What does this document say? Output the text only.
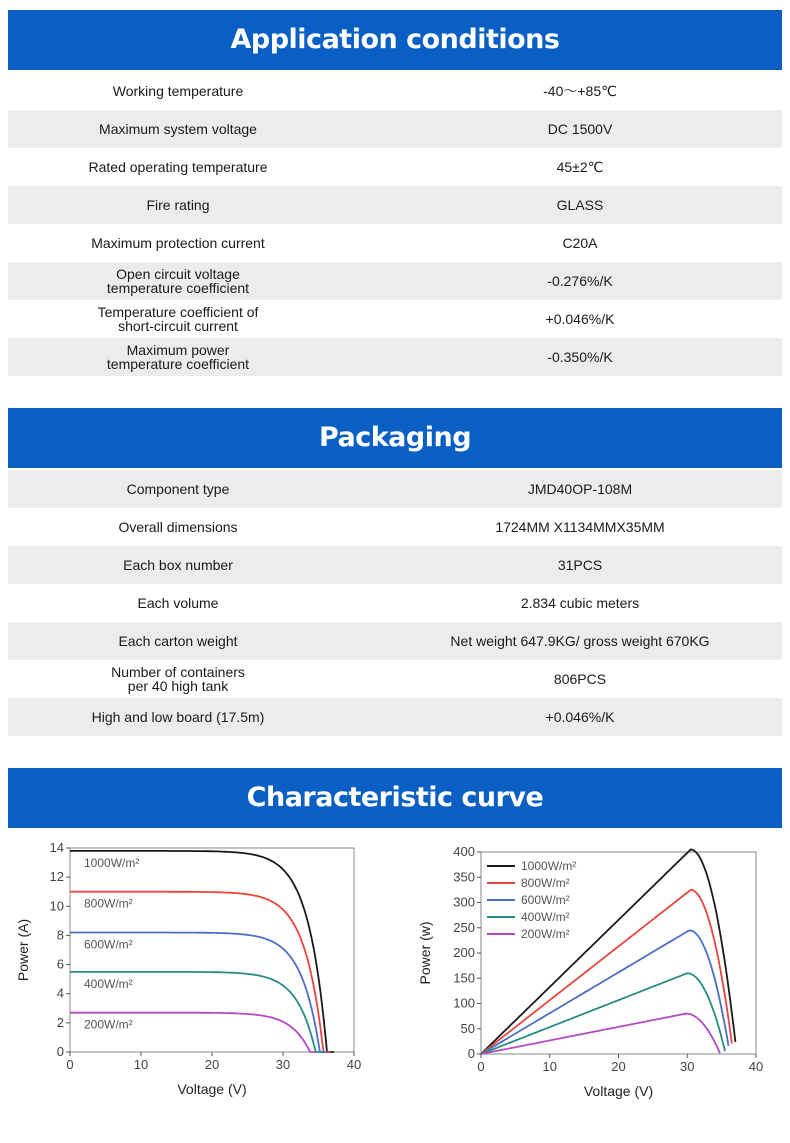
Application conditions
Working temperature	-40～+85℃
Maximum system voltage	DC 1500V
Rated operating temperature	45±2℃
Fire rating	GLASS
Maximum protection current	C20A
Open circuit voltage
temperature coefficient	-0.276%/K
Temperature coefficient of
short-circuit current	+0.046%/K
Maximum power
temperature coefficient	-0.350%/K
Packaging
Component type	JMD40OP-108M
Overall dimensions	1724MM X1134MMX35MM
Each box number	31PCS
Each volume	2.834 cubic meters
Each carton weight	Net weight 647.9KG/ gross weight 670KG
Number of containers
per 40 high tank	806PCS
High and low board (17.5m)	+0.046%/K
Characteristic curve
0	10	20	30	40
0
2
4
6
8
10
12
14
Voltage (V)
Power (A)
1000W/m²
800W/m²
600W/m²
400W/m²
200W/m²
0	10	20	30	40
0
50
100
150
200
250
300
350
400
Voltage (V)
Power (w)
1000W/m²
800W/m²
600W/m²
400W/m²
200W/m²
